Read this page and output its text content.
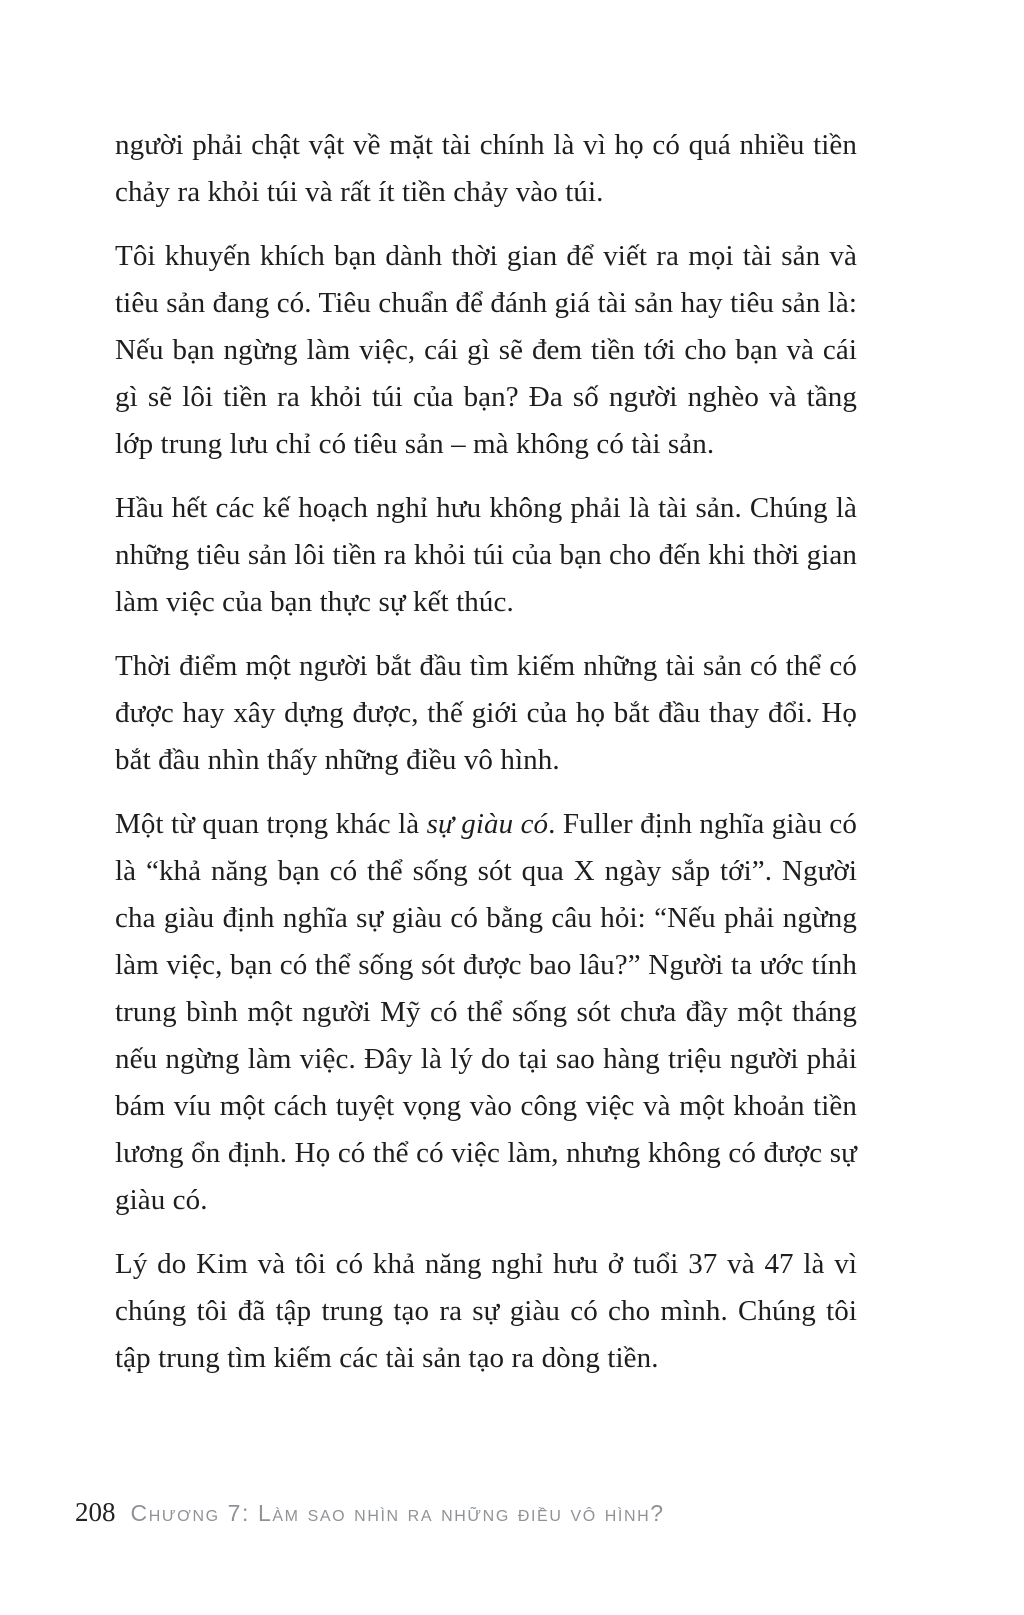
người phải chật vật về mặt tài chính là vì họ có quá nhiều tiền chảy ra khỏi túi và rất ít tiền chảy vào túi.

Tôi khuyến khích bạn dành thời gian để viết ra mọi tài sản và tiêu sản đang có. Tiêu chuẩn để đánh giá tài sản hay tiêu sản là: Nếu bạn ngừng làm việc, cái gì sẽ đem tiền tới cho bạn và cái gì sẽ lôi tiền ra khỏi túi của bạn? Đa số người nghèo và tầng lớp trung lưu chỉ có tiêu sản – mà không có tài sản.

Hầu hết các kế hoạch nghỉ hưu không phải là tài sản. Chúng là những tiêu sản lôi tiền ra khỏi túi của bạn cho đến khi thời gian làm việc của bạn thực sự kết thúc.

Thời điểm một người bắt đầu tìm kiếm những tài sản có thể có được hay xây dựng được, thế giới của họ bắt đầu thay đổi. Họ bắt đầu nhìn thấy những điều vô hình.

Một từ quan trọng khác là sự giàu có. Fuller định nghĩa giàu có là “khả năng bạn có thể sống sót qua X ngày sắp tới”. Người cha giàu định nghĩa sự giàu có bằng câu hỏi: “Nếu phải ngừng làm việc, bạn có thể sống sót được bao lâu?” Người ta ước tính trung bình một người Mỹ có thể sống sót chưa đầy một tháng nếu ngừng làm việc. Đây là lý do tại sao hàng triệu người phải bám víu một cách tuyệt vọng vào công việc và một khoản tiền lương ổn định. Họ có thể có việc làm, nhưng không có được sự giàu có.

Lý do Kim và tôi có khả năng nghỉ hưu ở tuổi 37 và 47 là vì chúng tôi đã tập trung tạo ra sự giàu có cho mình. Chúng tôi tập trung tìm kiếm các tài sản tạo ra dòng tiền.

208 Chương 7: Làm sao nhìn ra những điều vô hình?
